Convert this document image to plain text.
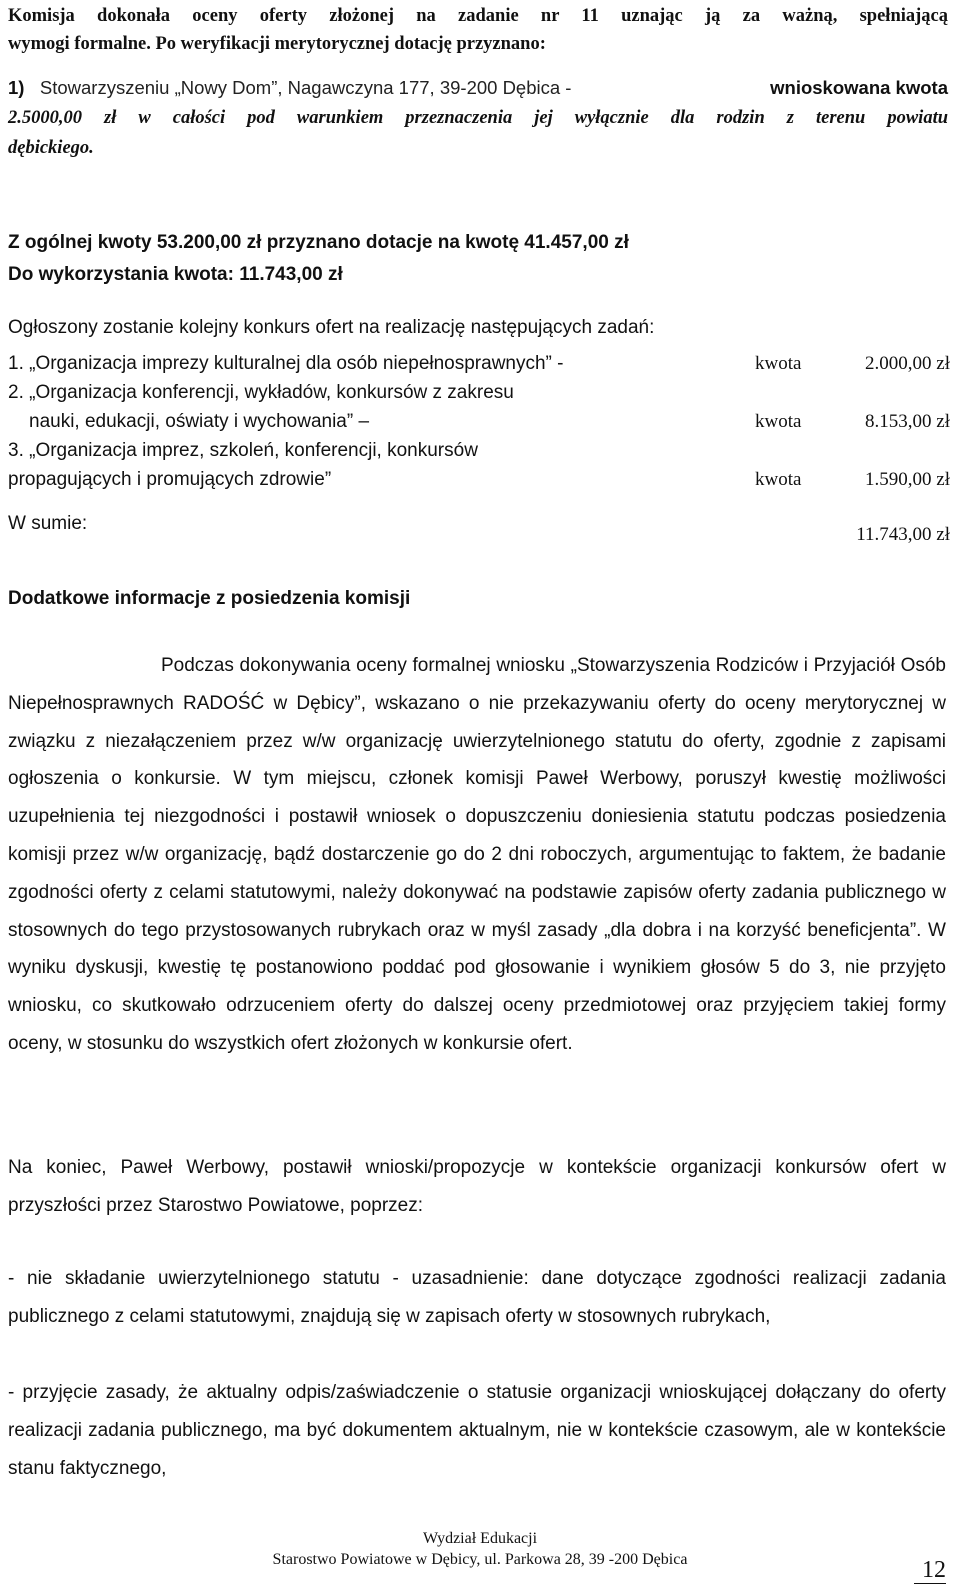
Komisja dokonała oceny oferty złożonej na zadanie nr 11 uznając ją za ważną, spełniającą
wymogi formalne. Po weryfikacji merytorycznej dotację przyznano:
1) Stowarzyszeniu „Nowy Dom”, Nagawczyna 177, 39-200 Dębica -	wnioskowana kwota
2.5000,00 zł w całości pod warunkiem przeznaczenia jej wyłącznie dla rodzin z terenu powiatu
dębickiego.
Z ogólnej kwoty 53.200,00 zł przyznano dotacje na kwotę 41.457,00 zł
Do wykorzystania kwota: 11.743,00 zł
Ogłoszony zostanie kolejny konkurs ofert na realizację następujących zadań:
1. „Organizacja imprezy kulturalnej dla osób niepełnosprawnych” -	kwota	2.000,00 zł
2. „Organizacja konferencji, wykładów, konkursów z zakresu
nauki, edukacji, oświaty i wychowania” –	kwota	8.153,00 zł
3. „Organizacja imprez, szkoleń, konferencji, konkursów
propagujących i promujących zdrowie”	kwota	1.590,00 zł
W sumie:
11.743,00 zł
Dodatkowe informacje z posiedzenia komisji
Podczas dokonywania oceny formalnej wniosku „Stowarzyszenia Rodziców i Przyjaciół Osób Niepełnosprawnych RADOŚĆ w Dębicy”, wskazano o nie przekazywaniu oferty do oceny merytorycznej w związku z niezałączeniem przez w/w organizację uwierzytelnionego statutu do oferty, zgodnie z zapisami ogłoszenia o konkursie. W tym miejscu, członek komisji Paweł Werbowy, poruszył kwestię możliwości uzupełnienia tej niezgodności i postawił wniosek o dopuszczeniu doniesienia statutu podczas posiedzenia komisji przez w/w organizację, bądź dostarczenie go do 2 dni roboczych, argumentując to faktem, że badanie zgodności oferty z celami statutowymi, należy dokonywać na podstawie zapisów oferty zadania publicznego w stosownych do tego przystosowanych rubrykach oraz w myśl zasady „dla dobra i na korzyść beneficjenta”. W wyniku dyskusji, kwestię tę postanowiono poddać pod głosowanie i wynikiem głosów 5 do 3, nie przyjęto wniosku, co skutkowało odrzuceniem oferty do dalszej oceny przedmiotowej oraz przyjęciem takiej formy oceny, w stosunku do wszystkich ofert złożonych w konkursie ofert.
Na koniec, Paweł Werbowy, postawił wnioski/propozycje w kontekście organizacji konkursów ofert w przyszłości przez Starostwo Powiatowe, poprzez:
- nie składanie uwierzytelnionego statutu - uzasadnienie: dane dotyczące zgodności realizacji zadania publicznego z celami statutowymi, znajdują się w zapisach oferty w stosownych rubrykach,
- przyjęcie zasady, że aktualny odpis/zaświadczenie o statusie organizacji wnioskującej dołączany do oferty realizacji zadania publicznego, ma być dokumentem aktualnym, nie w kontekście czasowym, ale w kontekście stanu faktycznego,
Wydział Edukacji
Starostwo Powiatowe w Dębicy, ul. Parkowa 28, 39 -200 Dębica	12
